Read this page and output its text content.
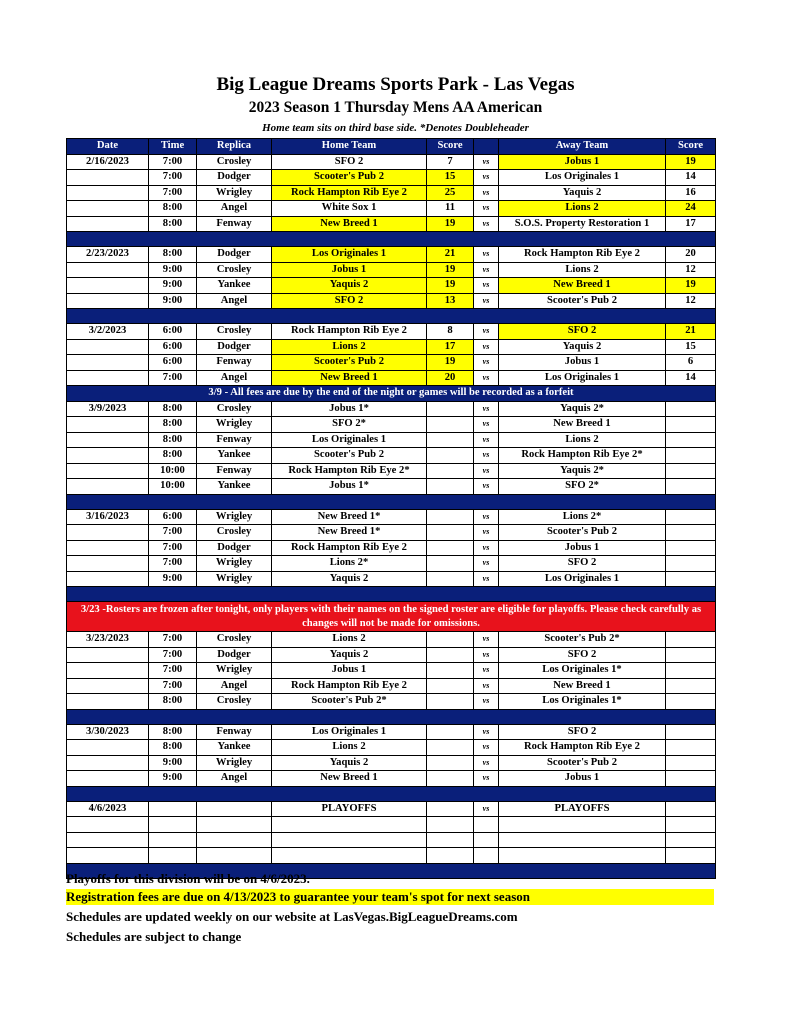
Big League Dreams Sports Park - Las Vegas
2023 Season 1 Thursday Mens AA American
Home team sits on third base side. *Denotes Doubleheader
Date	Time	Replica	Home Team	Score		Away Team	Score
2/16/2023	7:00	Crosley	SFO 2	7	vs	Jobus 1	19
	7:00	Dodger	Scooter's Pub 2	15	vs	Los Originales 1	14
	7:00	Wrigley	Rock Hampton Rib Eye 2	25	vs	Yaquis 2	16
	8:00	Angel	White Sox 1	11	vs	Lions 2	24
	8:00	Fenway	New Breed 1	19	vs	S.O.S. Property Restoration 1	17

2/23/2023	8:00	Dodger	Los Originales 1	21	vs	Rock Hampton Rib Eye 2	20
	9:00	Crosley	Jobus 1	19	vs	Lions 2	12
	9:00	Yankee	Yaquis 2	19	vs	New Breed 1	19
	9:00	Angel	SFO 2	13	vs	Scooter's Pub 2	12

3/2/2023	6:00	Crosley	Rock Hampton Rib Eye 2	8	vs	SFO 2	21
	6:00	Dodger	Lions 2	17	vs	Yaquis 2	15
	6:00	Fenway	Scooter's Pub 2	19	vs	Jobus 1	6
	7:00	Angel	New Breed 1	20	vs	Los Originales 1	14
3/9 - All fees are due by the end of the night or games will be recorded as a forfeit							
3/9/2023	8:00	Crosley	Jobus 1*		vs	Yaquis 2*	
	8:00	Wrigley	SFO 2*		vs	New Breed 1	
	8:00	Fenway	Los Originales 1		vs	Lions 2	
	8:00	Yankee	Scooter's Pub 2		vs	Rock Hampton Rib Eye 2*	
	10:00	Fenway	Rock Hampton Rib Eye 2*		vs	Yaquis 2*	
	10:00	Yankee	Jobus 1*		vs	SFO 2*	

3/16/2023	6:00	Wrigley	New Breed 1*		vs	Lions 2*	
	7:00	Crosley	New Breed 1*		vs	Scooter's Pub 2	
	7:00	Dodger	Rock Hampton Rib Eye 2		vs	Jobus 1	
	7:00	Wrigley	Lions 2*		vs	SFO 2	
	9:00	Wrigley	Yaquis 2		vs	Los Originales 1	

3/23 -Rosters are frozen after tonight, only players with their names on the signed roster are eligible for playoffs. Please check carefully as changes will not be made for omissions.							
3/23/2023	7:00	Crosley	Lions 2		vs	Scooter's Pub 2*	
	7:00	Dodger	Yaquis 2		vs	SFO 2	
	7:00	Wrigley	Jobus 1		vs	Los Originales 1*	
	7:00	Angel	Rock Hampton Rib Eye 2		vs	New Breed 1	
	8:00	Crosley	Scooter's Pub 2*		vs	Los Originales 1*	

3/30/2023	8:00	Fenway	Los Originales 1		vs	SFO 2	
	8:00	Yankee	Lions 2		vs	Rock Hampton Rib Eye 2	
	9:00	Wrigley	Yaquis 2		vs	Scooter's Pub 2	
	9:00	Angel	New Breed 1		vs	Jobus 1	

4/6/2023			PLAYOFFS		vs	PLAYOFFS	

Playoffs for this division will be on 4/6/2023.
Registration fees are due on 4/13/2023 to guarantee your team's spot for next season
Schedules are updated weekly on our website at LasVegas.BigLeagueDreams.com
Schedules are subject to change
